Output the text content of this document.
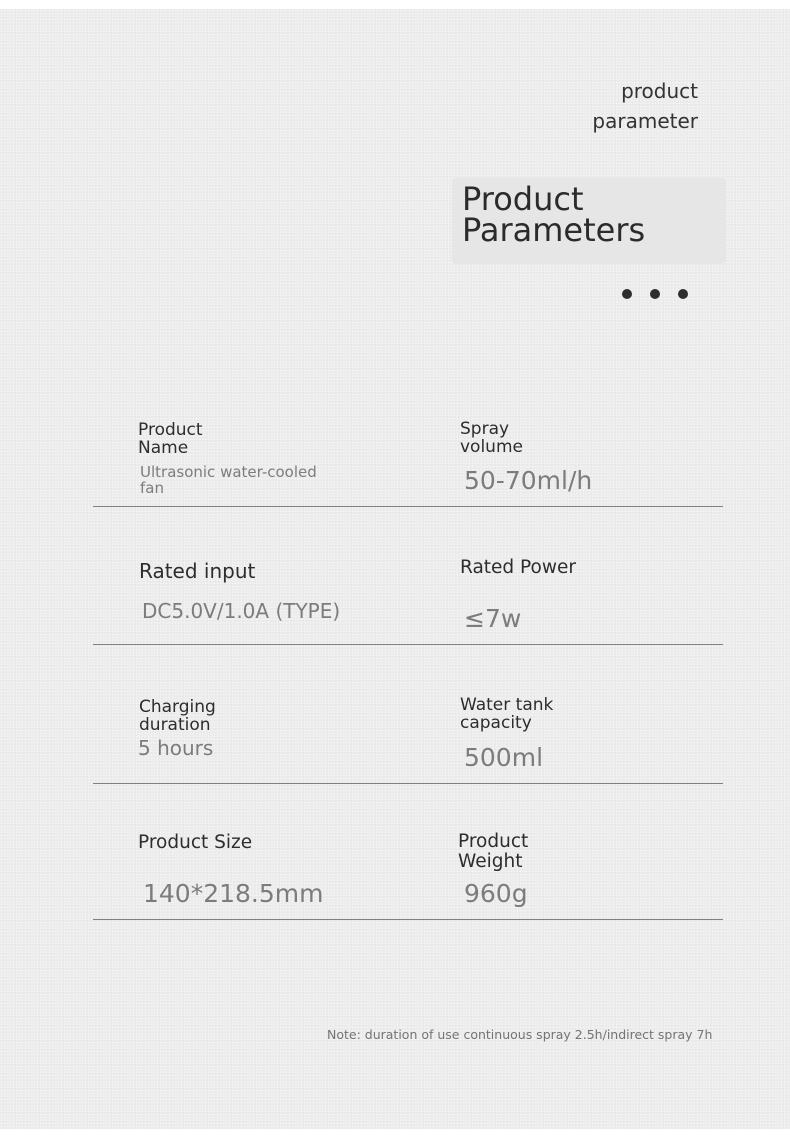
product
parameter
Product
Parameters
Product
Name
Ultrasonic water-cooled
fan
Spray
volume
50-70ml/h
Rated input
DC5.0V/1.0A (TYPE)
Rated Power
≤7w
Charging
duration
5 hours
Water tank
capacity
500ml
Product Size
140*218.5mm
Product
Weight
960g
Note: duration of use continuous spray 2.5h/indirect spray 7h
